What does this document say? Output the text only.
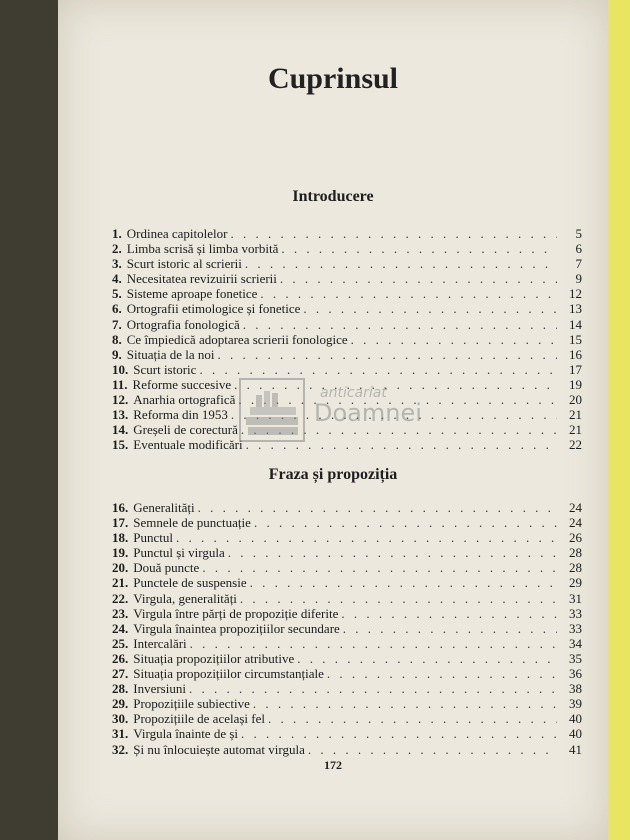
Cuprinsul
Introducere
1. Ordinea capitolelor . . .	5
2. Limba scrisă și limba vorbită . . .	6
3. Scurt istoric al scrierii . . .	7
4. Necesitatea revizuirii scrierii . . .	9
5. Sisteme aproape fonetice . . .	12
6. Ortografii etimologice și fonetice . . .	13
7. Ortografia fonologică . . .	14
8. Ce împiedică adoptarea scrierii fonologice . . .	15
9. Situația de la noi . . .	16
10. Scurt istoric . . .	17
11. Reforme succesive . . .	19
12. Anarhia ortografică . . .	20
13. Reforma din 1953 . . .	21
14. Greșeli de corectură . . .	21
15. Eventuale modificări . . .	22
Fraza și propoziția
16. Generalități . . .	24
17. Semnele de punctuație . . .	24
18. Punctul . . .	26
19. Punctul și virgula . . .	28
20. Două puncte . . .	28
21. Punctele de suspensie . . .	29
22. Virgula, generalități . . .	31
23. Virgula între părți de propoziție diferite . . .	33
24. Virgula înaintea propozițiilor secundare . . .	33
25. Intercalări . . .	34
26. Situația propozițiilor atributive . . .	35
27. Situația propozițiilor circumstanțiale . . .	36
28. Inversiuni . . .	38
29. Propozițiile subiective . . .	39
30. Propozițiile de același fel . . .	40
31. Virgula înainte de și . . .	40
32. Și nu înlocuiește automat virgula . . .	41
172
anticariat
Doamnei
